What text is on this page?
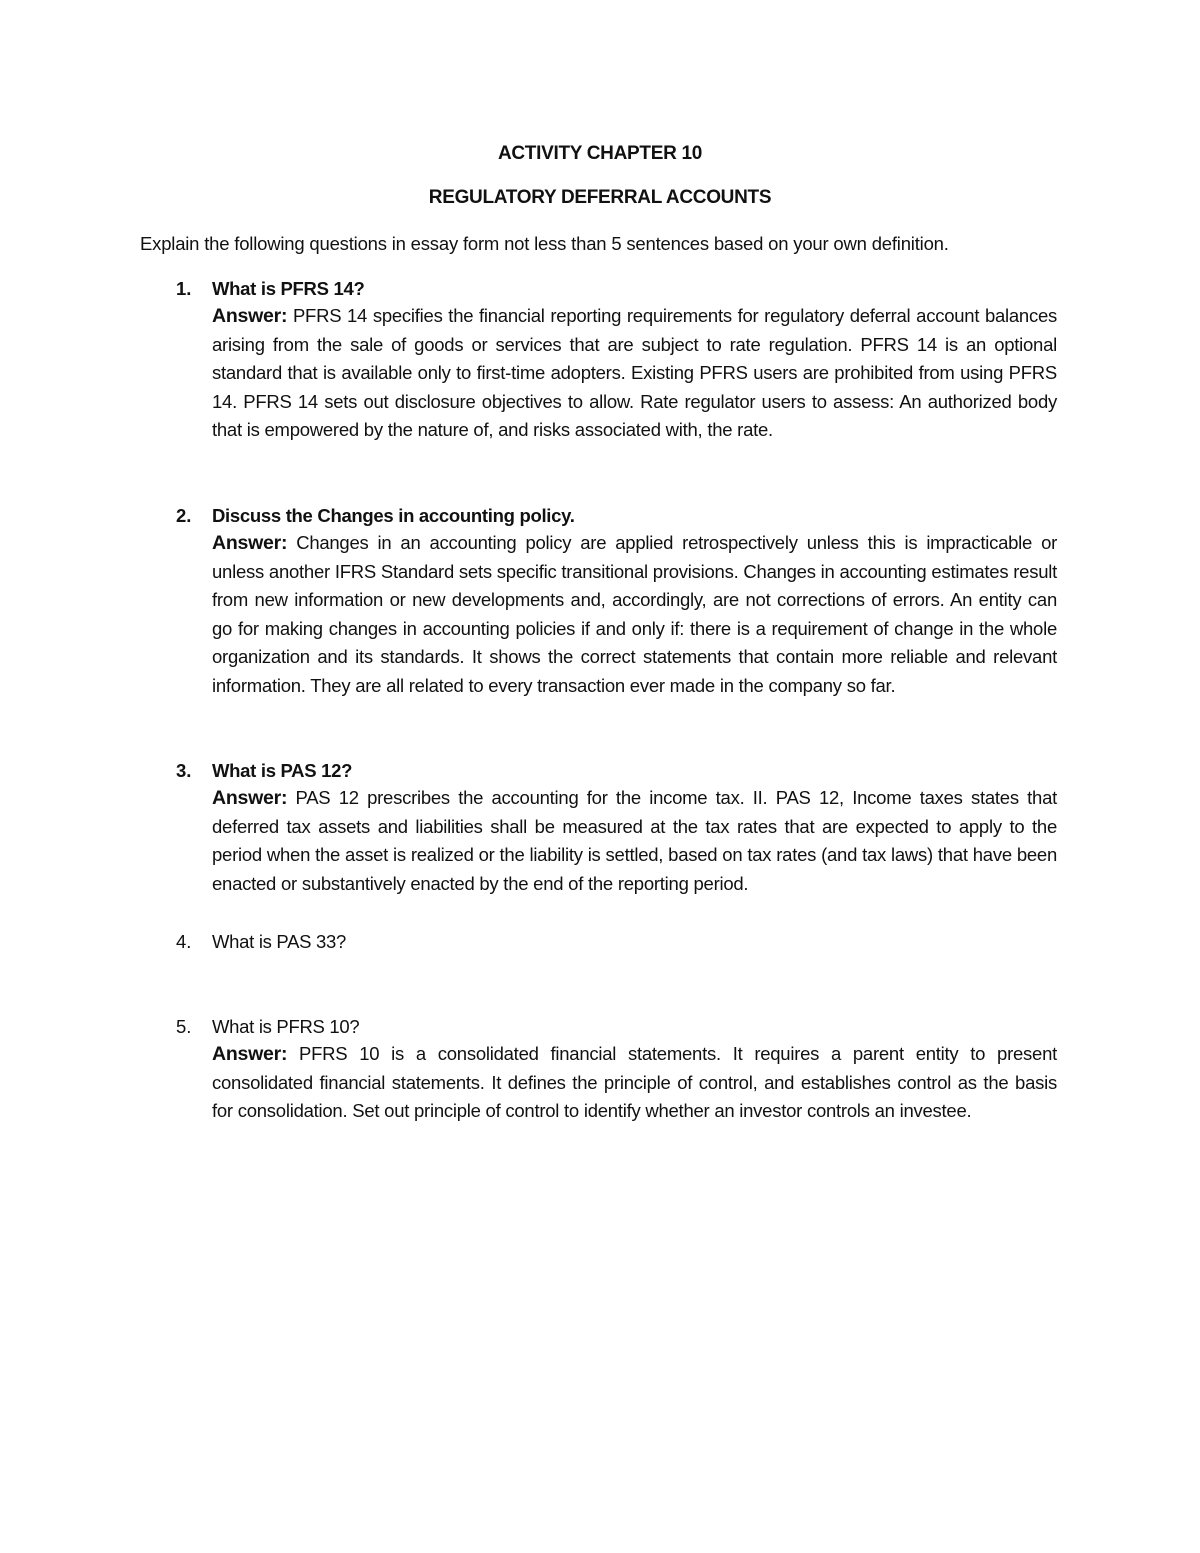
ACTIVITY CHAPTER 10
REGULATORY DEFERRAL ACCOUNTS
Explain the following questions in essay form not less than 5 sentences based on your own definition.
1.	What is PFRS 14?
Answer: PFRS 14 specifies the financial reporting requirements for regulatory deferral account balances arising from the sale of goods or services that are subject to rate regulation. PFRS 14 is an optional standard that is available only to first-time adopters. Existing PFRS users are prohibited from using PFRS 14. PFRS 14 sets out disclosure objectives to allow. Rate regulator users to assess: An authorized body that is empowered by the nature of, and risks associated with, the rate.
2.	Discuss the Changes in accounting policy.
Answer: Changes in an accounting policy are applied retrospectively unless this is impracticable or unless another IFRS Standard sets specific transitional provisions. Changes in accounting estimates result from new information or new developments and, accordingly, are not corrections of errors. An entity can go for making changes in accounting policies if and only if: there is a requirement of change in the whole organization and its standards. It shows the correct statements that contain more reliable and relevant information. They are all related to every transaction ever made in the company so far.
3.	What is PAS 12?
Answer: PAS 12 prescribes the accounting for the income tax. II. PAS 12, Income taxes states that deferred tax assets and liabilities shall be measured at the tax rates that are expected to apply to the period when the asset is realized or the liability is settled, based on tax rates (and tax laws) that have been enacted or substantively enacted by the end of the reporting period.
4.	What is PAS 33?
5.	What is PFRS 10?
Answer: PFRS 10 is a consolidated financial statements. It requires a parent entity to present consolidated financial statements. It defines the principle of control, and establishes control as the basis for consolidation. Set out principle of control to identify whether an investor controls an investee.
